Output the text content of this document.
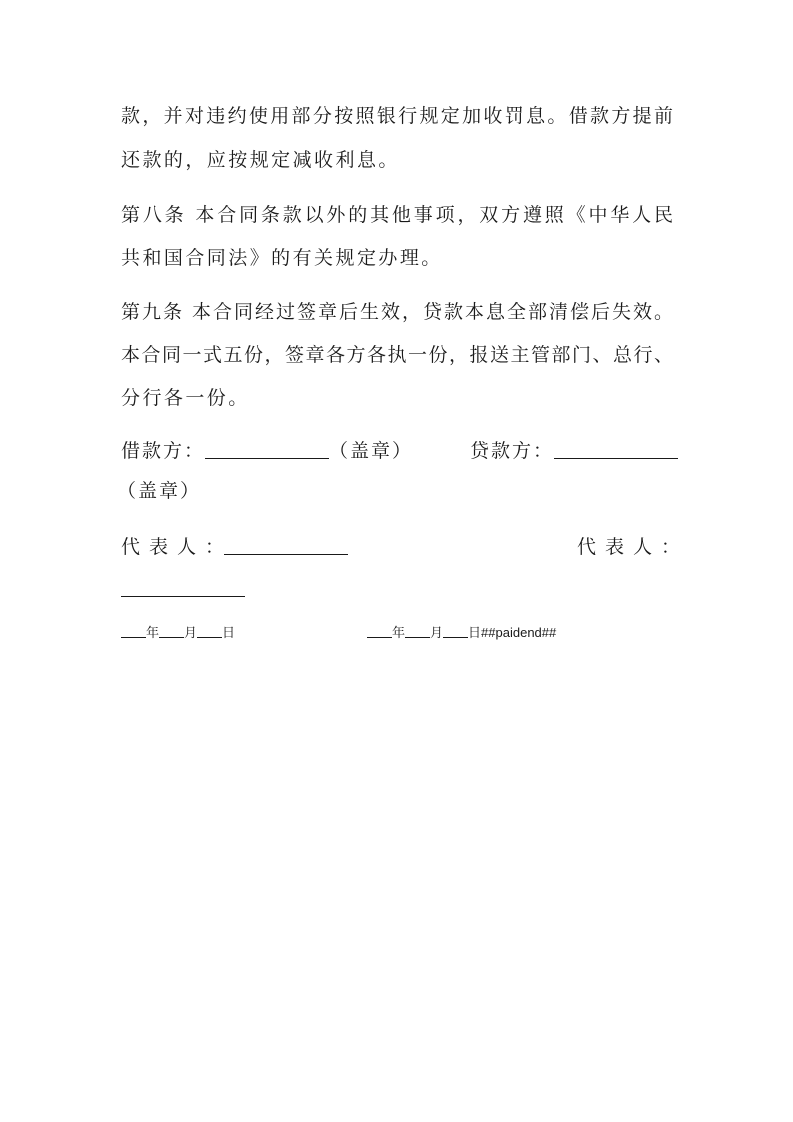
款，并对违约使用部分按照银行规定加收罚息。借款方提前
还款的，应按规定减收利息。
第八条 本合同条款以外的其他事项，双方遵照《中华人民
共和国合同法》的有关规定办理。
第九条 本合同经过签章后生效，贷款本息全部清偿后失效。
本合同一式五份，签章各方各执一份，报送主管部门、总行、
分行各一份。
借款方：	（盖章）	贷款方：
（盖章）
代表人：	代表人：
年 月 日	年 月 日##paidend##
